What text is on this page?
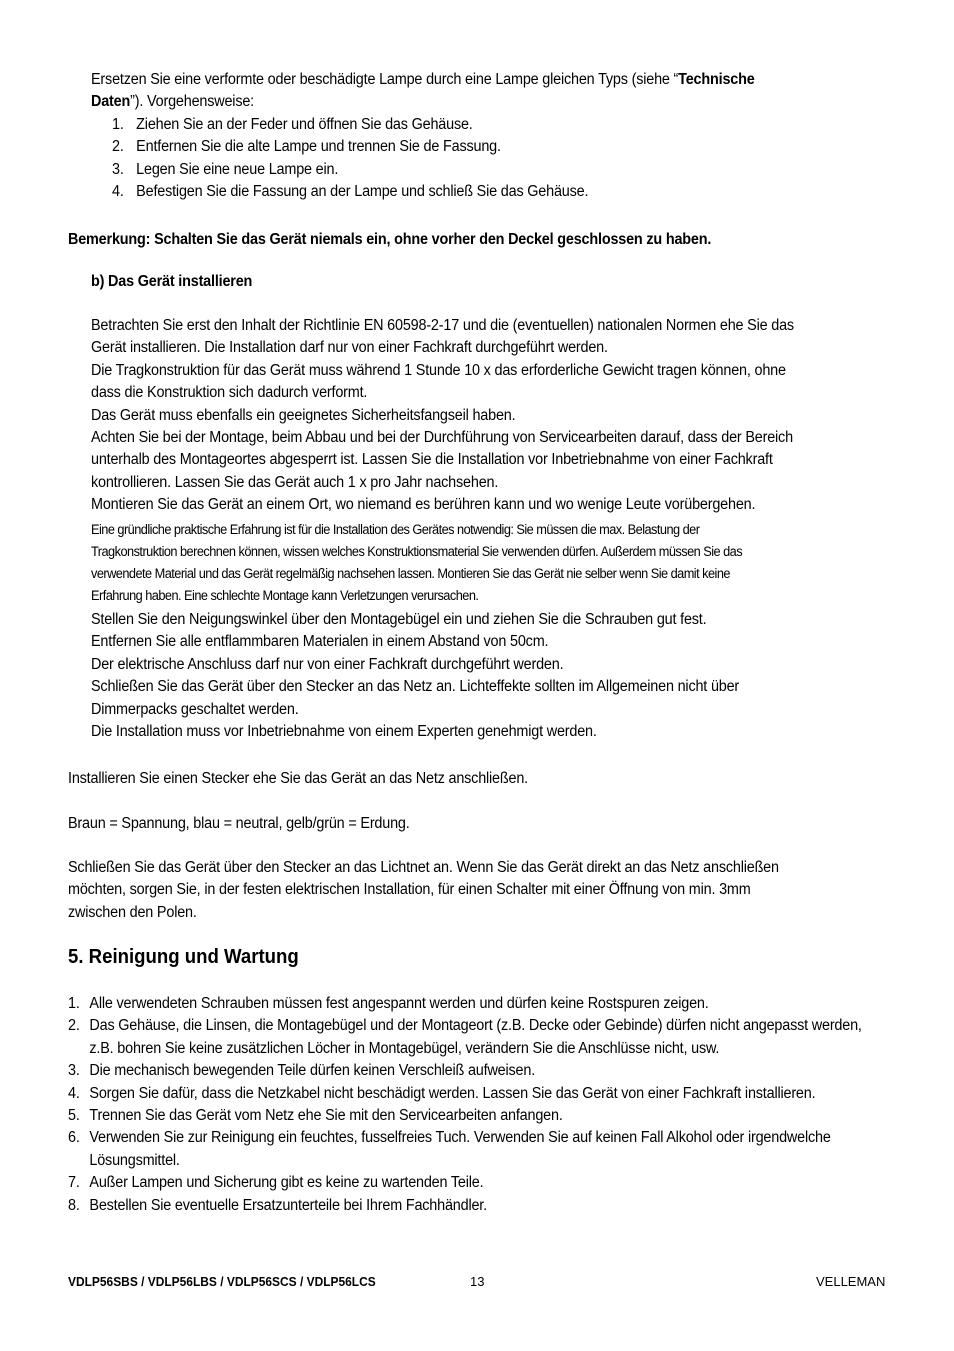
Ersetzen Sie eine verformte oder beschädigte Lampe durch eine Lampe gleichen Typs (siehe “Technische
Daten”). Vorgehensweise:
1. Ziehen Sie an der Feder und öffnen Sie das Gehäuse.
2. Entfernen Sie die alte Lampe und trennen Sie de Fassung.
3. Legen Sie eine neue Lampe ein.
4. Befestigen Sie die Fassung an der Lampe und schließ Sie das Gehäuse.
Bemerkung: Schalten Sie das Gerät niemals ein, ohne vorher den Deckel geschlossen zu haben.
b) Das Gerät installieren
Betrachten Sie erst den Inhalt der Richtlinie EN 60598-2-17 und die (eventuellen) nationalen Normen ehe Sie das
Gerät installieren. Die Installation darf nur von einer Fachkraft durchgeführt werden.
Die Tragkonstruktion für das Gerät muss während 1 Stunde 10 x das erforderliche Gewicht tragen können, ohne
dass die Konstruktion sich dadurch verformt.
Das Gerät muss ebenfalls ein geeignetes Sicherheitsfangseil haben.
Achten Sie bei der Montage, beim Abbau und bei der Durchführung von Servicearbeiten darauf, dass der Bereich
unterhalb des Montageortes abgesperrt ist. Lassen Sie die Installation vor Inbetriebnahme von einer Fachkraft
kontrollieren. Lassen Sie das Gerät auch 1 x pro Jahr nachsehen.
Montieren Sie das Gerät an einem Ort, wo niemand es berühren kann und wo wenige Leute vorübergehen.
Eine gründliche praktische Erfahrung ist für die Installation des Gerätes notwendig: Sie müssen die max. Belastung der
Tragkonstruktion berechnen können, wissen welches Konstruktionsmaterial Sie verwenden dürfen. Außerdem müssen Sie das
verwendete Material und das Gerät regelmäßig nachsehen lassen. Montieren Sie das Gerät nie selber wenn Sie damit keine
Erfahrung haben. Eine schlechte Montage kann Verletzungen verursachen.
Stellen Sie den Neigungswinkel über den Montagebügel ein und ziehen Sie die Schrauben gut fest.
Entfernen Sie alle entflammbaren Materialen in einem Abstand von 50cm.
Der elektrische Anschluss darf nur von einer Fachkraft durchgeführt werden.
Schließen Sie das Gerät über den Stecker an das Netz an. Lichteffekte sollten im Allgemeinen nicht über
Dimmerpacks geschaltet werden.
Die Installation muss vor Inbetriebnahme von einem Experten genehmigt werden.
Installieren Sie einen Stecker ehe Sie das Gerät an das Netz anschließen.
Braun = Spannung, blau = neutral, gelb/grün = Erdung.
Schließen Sie das Gerät über den Stecker an das Lichtnet an. Wenn Sie das Gerät direkt an das Netz anschließen
möchten, sorgen Sie, in der festen elektrischen Installation, für einen Schalter mit einer Öffnung von min. 3mm
zwischen den Polen.
5. Reinigung und Wartung
1. Alle verwendeten Schrauben müssen fest angespannt werden und dürfen keine Rostspuren zeigen.
2. Das Gehäuse, die Linsen, die Montagebügel und der Montageort (z.B. Decke oder Gebinde) dürfen nicht angepasst werden, z.B. bohren Sie keine zusätzlichen Löcher in Montagebügel, verändern Sie die Anschlüsse nicht, usw.
3. Die mechanisch bewegenden Teile dürfen keinen Verschleiß aufweisen.
4. Sorgen Sie dafür, dass die Netzkabel nicht beschädigt werden. Lassen Sie das Gerät von einer Fachkraft installieren.
5. Trennen Sie das Gerät vom Netz ehe Sie mit den Servicearbeiten anfangen.
6. Verwenden Sie zur Reinigung ein feuchtes, fusselfreies Tuch. Verwenden Sie auf keinen Fall Alkohol oder irgendwelche Lösungsmittel.
7. Außer Lampen und Sicherung gibt es keine zu wartenden Teile.
8. Bestellen Sie eventuelle Ersatzunterteile bei Ihrem Fachhändler.
VDLP56SBS / VDLP56LBS / VDLP56SCS / VDLP56LCS	13	VELLEMAN
